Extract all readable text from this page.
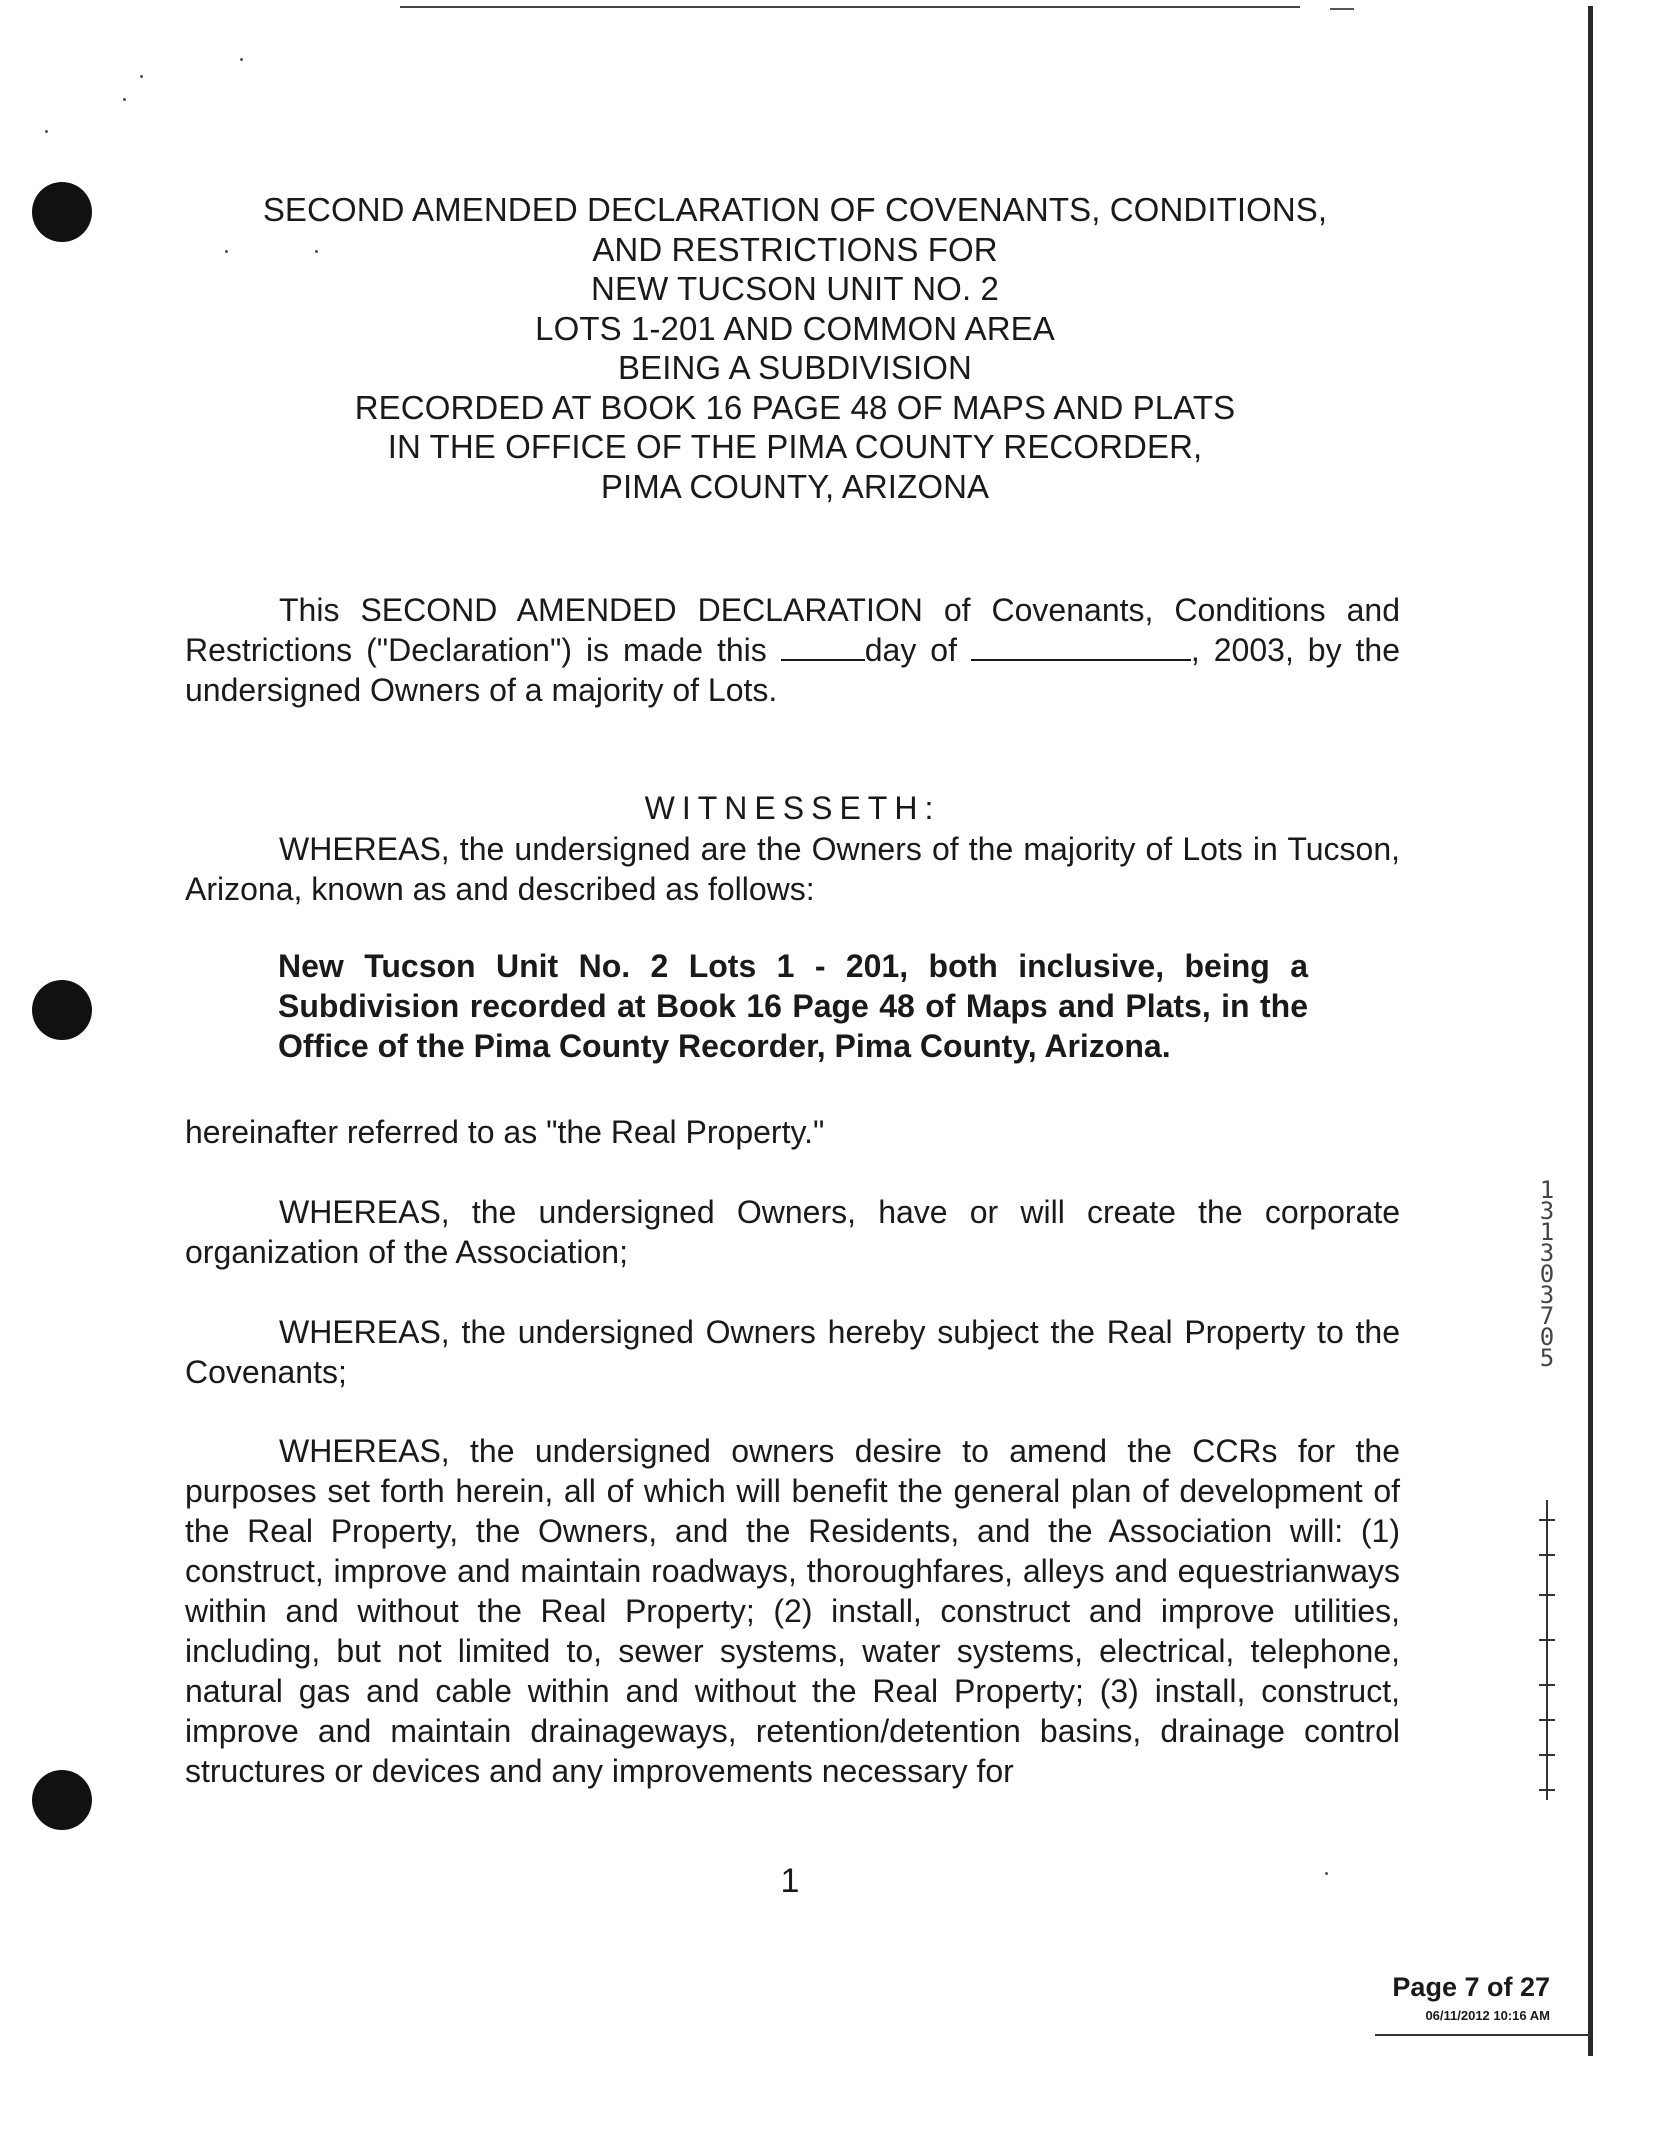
SECOND AMENDED DECLARATION OF COVENANTS, CONDITIONS,
AND RESTRICTIONS FOR
NEW TUCSON UNIT NO. 2
LOTS 1-201 AND COMMON AREA
BEING A SUBDIVISION
RECORDED AT BOOK 16 PAGE 48 OF MAPS AND PLATS
IN THE OFFICE OF THE PIMA COUNTY RECORDER,
PIMA COUNTY, ARIZONA
This SECOND AMENDED DECLARATION of Covenants, Conditions and Restrictions ("Declaration") is made this	day of	, 2003, by the undersigned Owners of a majority of Lots.
WITNESSETH:
WHEREAS, the undersigned are the Owners of the majority of Lots in Tucson, Arizona, known as and described as follows:
New Tucson Unit No. 2 Lots 1 - 201, both inclusive, being a Subdivision recorded at Book 16 Page 48 of Maps and Plats, in the Office of the Pima County Recorder, Pima County, Arizona.
hereinafter referred to as "the Real Property."
WHEREAS, the undersigned Owners, have or will create the corporate organization of the Association;
WHEREAS, the undersigned Owners hereby subject the Real Property to the Covenants;
WHEREAS, the undersigned owners desire to amend the CCRs for the purposes set forth herein, all of which will benefit the general plan of development of the Real Property, the Owners, and the Residents, and the Association will: (1) construct, improve and maintain roadways, thoroughfares, alleys and equestrianways within and without the Real Property; (2) install, construct and improve utilities, including, but not limited to, sewer systems, water systems, electrical, telephone, natural gas and cable within and without the Real Property; (3) install, construct, improve and maintain drainageways, retention/detention basins, drainage control structures or devices and any improvements necessary for
1
1 3 1 3 0 3 7 0 5
Page 7 of 27
06/11/2012 10:16 AM
